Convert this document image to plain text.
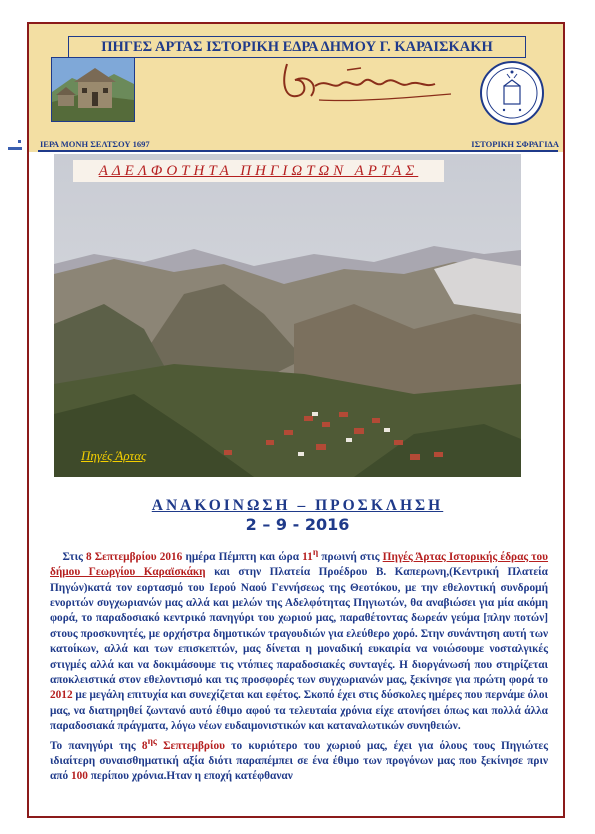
ΠΗΓΕΣ ΑΡΤΑΣ ΙΣΤΟΡΙΚΗ ΕΔΡΑ ΔΗΜΟΥ Γ. ΚΑΡΑΙΣΚΑΚΗ
ΙΕΡΑ ΜΟΝΗ ΣΕΛΤΣΟΥ 1697	ΙΣΤΟΡΙΚΗ ΣΦΡΑΓΙΔΑ
ΑΔΕΛΦΟΤΗΤΑ ΠΗΓΙΩΤΩΝ ΑΡΤΑΣ
Πηγές Άρτας
ΑΝΑΚΟΙΝΩΣΗ – ΠΡΟΣΚΛΗΣΗ
2 – 9 - 2016

Στις 8 Σεπτεμβρίου 2016 ημέρα Πέμπτη και ώρα $11^\eta$ πρωινή στις Πηγές Άρτας Ιστορικής έδρας του δήμου Γεωργίου Καραϊσκάκη και στην Πλατεία Προέδρου Β. Καπερωνη,(Κεντρική Πλατεία Πηγών)κατά τον εορτασμό του Ιερού Ναού Γεννήσεως της Θεοτόκου, με την εθελοντική συνδρομή ενοριτών συγχωριανών μας αλλά και μελών της Αδελφότητας Πηγιωτών, θα αναβιώσει για μία ακόμη φορά, το παραδοσιακό κεντρικό πανηγύρι του χωριού μας, παραθέτοντας δωρεάν γεύμα [πλην ποτών] στους προσκυνητές, με ορχήστρα δημοτικών τραγουδιών για ελεύθερο χορό. Στην συνάντηση αυτή των κατοίκων, αλλά και των επισκεπτών, μας δίνεται η μοναδική ευκαιρία να νοιώσουμε νοσταλγικές στιγμές αλλά και να δοκιμάσουμε τις ντόπιες παραδοσιακές συνταγές. Η διοργάνωσή που στηρίζεται αποκλειστικά στον εθελοντισμό και τις προσφορές των συγχωριανών μας, ξεκίνησε για πρώτη φορά το 2012 με μεγάλη επιτυχία και συνεχίζεται και εφέτος. Σκοπό έχει στις δύσκολες ημέρες που περνάμε όλοι μας, να διατηρηθεί ζωντανό αυτό έθιμο αφού τα τελευταία χρόνια είχε ατονήσει όπως και πολλά άλλα παραδοσιακά πράγματα, λόγω νέων ευδαιμονιστικών και καταναλωτικών συνηθειών.

Το πανηγύρι της $8^{\eta\varsigma}$ Σεπτεμβρίου το κυριότερο του χωριού μας, έχει για όλους τους Πηγιώτες ιδιαίτερη συναισθηματική αξία διότι παραπέμπει σε ένα έθιμο των προγόνων μας που ξεκίνησε πριν από 100 περίπου χρόνια.Ηταν η εποχή κατέφθαναν
